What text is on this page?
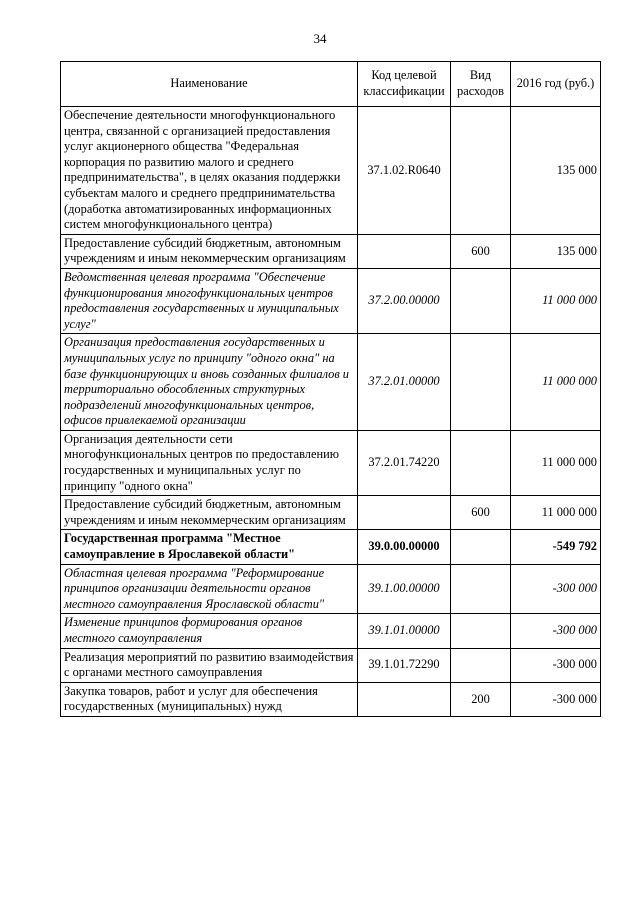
34
Наименование	Код целевой классификации	Вид расходов	2016 год (руб.)
Обеспечение деятельности многофункционального центра, связанной с организацией предоставления услуг акционерного общества "Федеральная корпорация по развитию малого и среднего предпринимательства", в целях оказания поддержки субъектам малого и среднего предпринимательства (доработка автоматизированных информационных систем многофункционального центра)	37.1.02.R0640		135 000
Предоставление субсидий бюджетным, автономным учреждениям и иным некоммерческим организациям		600	135 000
Ведомственная целевая программа "Обеспечение функционирования многофункциональных центров предоставления государственных и муниципальных услуг"	37.2.00.00000		11 000 000
Организация предоставления государственных и муниципальных услуг по принципу "одного окна" на базе функционирующих и вновь созданных филиалов и территориально обособленных структурных подразделений многофункциональных центров, офисов привлекаемой организации	37.2.01.00000		11 000 000
Организация деятельности сети многофункциональных центров по предоставлению государственных и муниципальных услуг по принципу "одного окна"	37.2.01.74220		11 000 000
Предоставление субсидий бюджетным, автономным учреждениям и иным некоммерческим организациям		600	11 000 000
Государственная программа "Местное самоуправление в Ярославекой области"	39.0.00.00000		-549 792
Областная целевая программа "Реформирование принципов организации деятельности органов местного самоуправления Ярославской области"	39.1.00.00000		-300 000
Изменение принципов формирования органов местного самоуправления	39.1.01.00000		-300 000
Реализация мероприятий по развитию взаимодействия с органами местного самоуправления	39.1.01.72290		-300 000
Закупка товаров, работ и услуг для обеспечения государственных (муниципальных) нужд		200	-300 000
